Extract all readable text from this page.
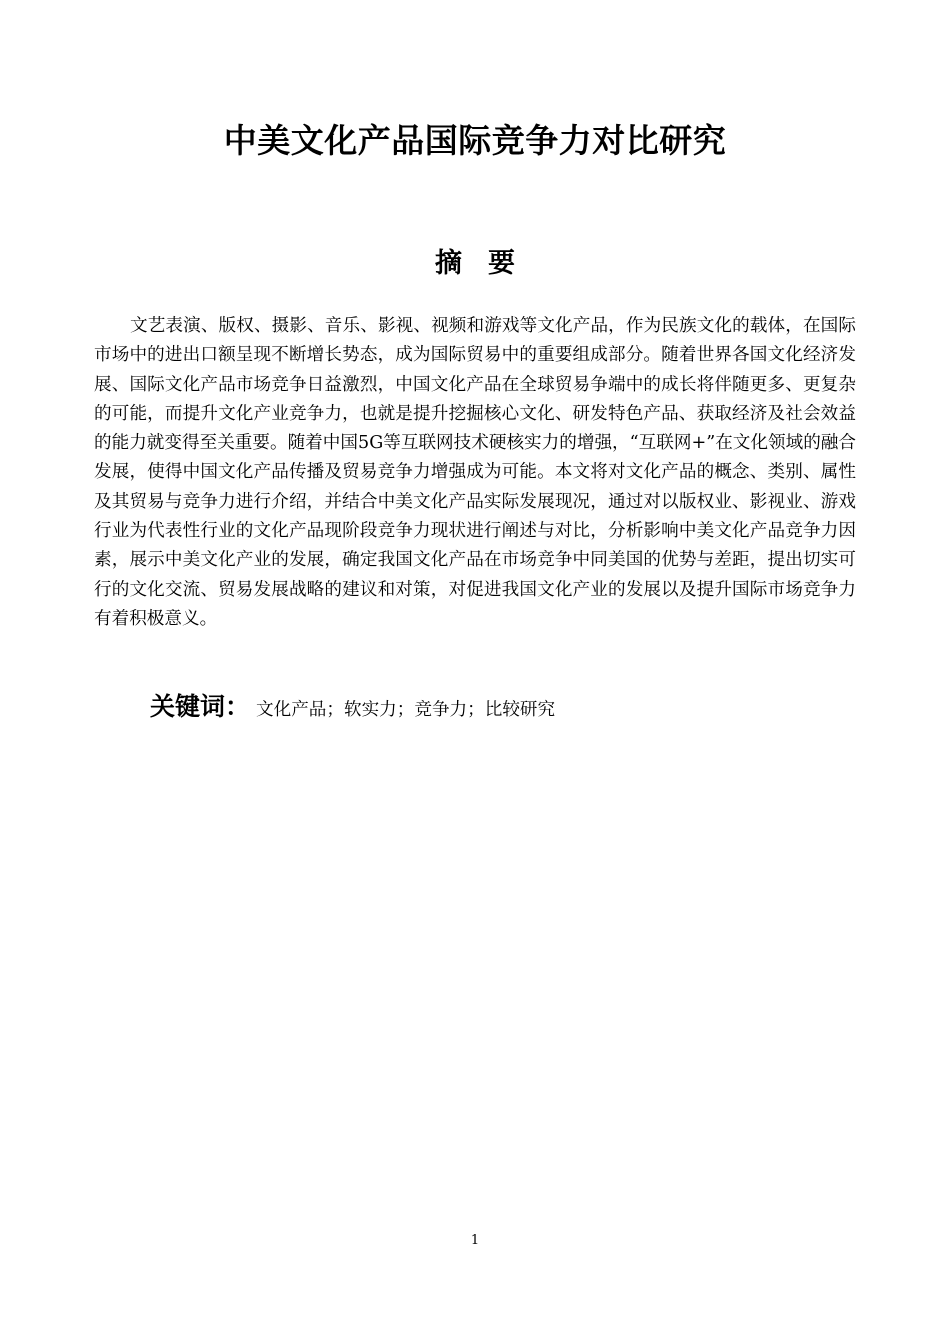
中美文化产品国际竞争力对比研究
摘要

文艺表演、版权、摄影、音乐、影视、视频和游戏等文化产品，作为民族文化的载体，在国际市场中的进出口额呈现不断增长势态，成为国际贸易中的重要组成部分。随着世界各国文化经济发展、国际文化产品市场竞争日益激烈，中国文化产品在全球贸易争端中的成长将伴随更多、更复杂的可能，而提升文化产业竞争力，也就是提升挖掘核心文化、研发特色产品、获取经济及社会效益的能力就变得至关重要。随着中国5G等互联网技术硬核实力的增强，“互联网+”在文化领域的融合发展，使得中国文化产品传播及贸易竞争力增强成为可能。本文将对文化产品的概念、类别、属性及其贸易与竞争力进行介绍，并结合中美文化产品实际发展现况，通过对以版权业、影视业、游戏行业为代表性行业的文化产品现阶段竞争力现状进行阐述与对比，分析影响中美文化产品竞争力因素，展示中美文化产业的发展，确定我国文化产品在市场竞争中同美国的优势与差距，提出切实可行的文化交流、贸易发展战略的建议和对策，对促进我国文化产业的发展以及提升国际市场竞争力有着积极意义。

关键词： 文化产品；软实力；竞争力；比较研究

1
